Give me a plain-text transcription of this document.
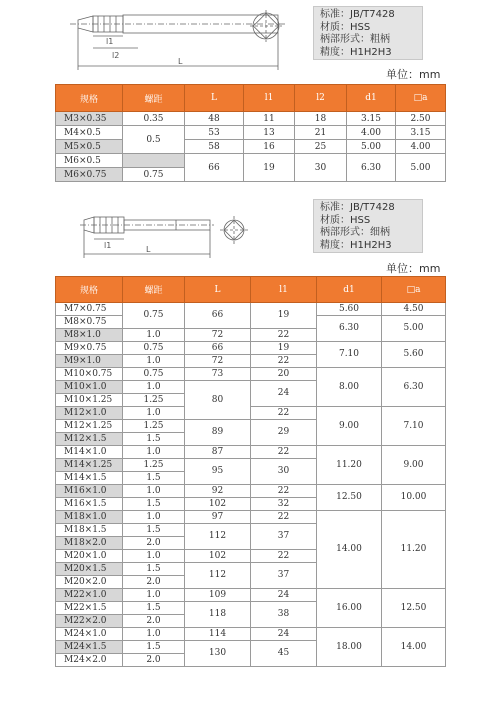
l1
l2
L
标准：JB/T7428
材质：HSS
柄部形式：粗柄
精度：H1H2H3
单位：mm
规格	螺距	L	l1	l2	d1	□a
M3×0.35	0.35	48	11	18	3.15	2.50
M4×0.5	0.5	53	13	21	4.00	3.15
M5×0.5		58	16	25	5.00	4.00
M6×0.5		66	19	30	6.30	5.00
M6×0.75	0.75					
l1	L
标准：JB/T7428
材质：HSS
柄部形式：细柄
精度：H1H2H3
单位：mm
规格	螺距	L	l1	d1	□a
M7×0.75	0.75	66	19	5.60	4.50
M8×0.75				6.30	5.00
M8×1.0	1.0	72	22		
M9×0.75	0.75	66	19	7.10	5.60
M9×1.0	1.0	72	22		
M10×0.75	0.75	73	20	8.00	6.30
M10×1.0	1.0	80	24		
M10×1.25	1.25				
M12×1.0	1.0		22	9.00	7.10
M12×1.25	1.25	89	29		
M12×1.5	1.5				
M14×1.0	1.0	87	22	11.20	9.00
M14×1.25	1.25	95	30		
M14×1.5	1.5				
M16×1.0	1.0	92	22	12.50	10.00
M16×1.5	1.5	102	32		
M18×1.0	1.0	97	22	14.00	11.20
M18×1.5	1.5	112	37		
M18×2.0	2.0				
M20×1.0	1.0	102	22		
M20×1.5	1.5	112	37		
M20×2.0	2.0				
M22×1.0	1.0	109	24	16.00	12.50
M22×1.5	1.5	118	38		
M22×2.0	2.0				
M24×1.0	1.0	114	24	18.00	14.00
M24×1.5	1.5	130	45		
M24×2.0	2.0				
